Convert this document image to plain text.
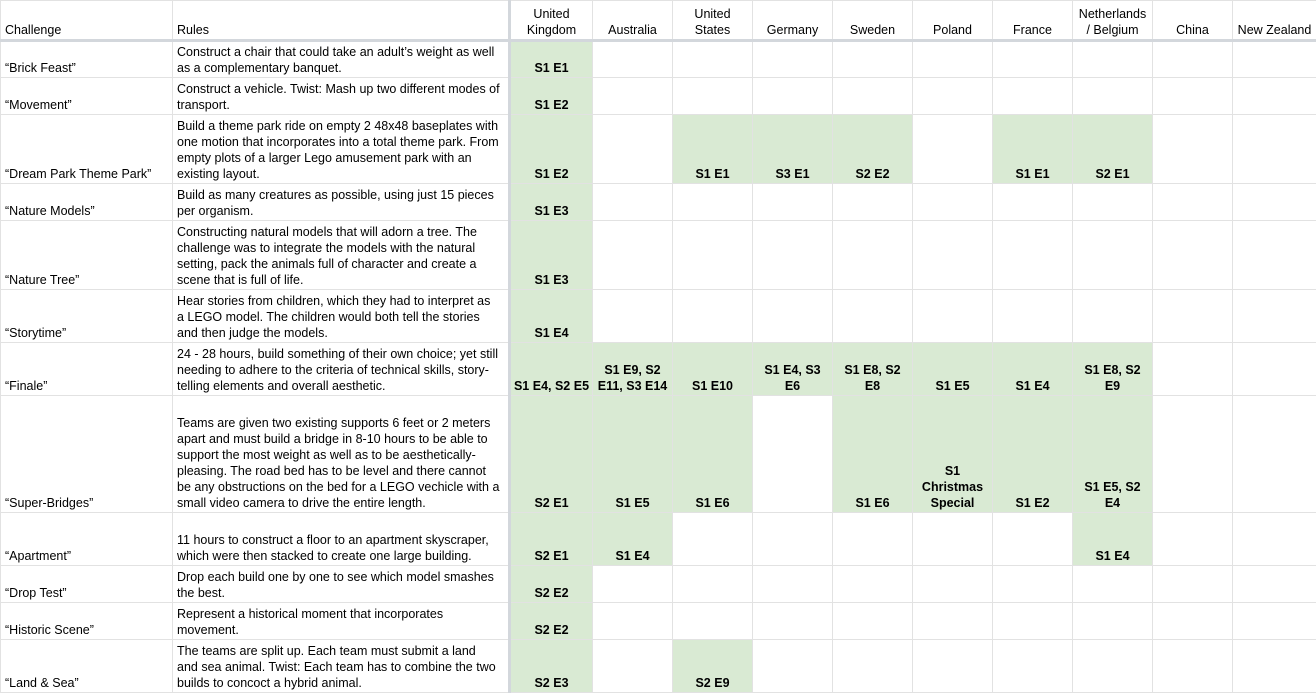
Challenge	Rules	United Kingdom	Australia	United States	Germany	Sweden	Poland	France	Netherlands / Belgium	China	New Zealand
“Brick Feast”	Construct a chair that could take an adult’s weight as well as a complementary banquet.	S1 E1									
“Movement”	Construct a vehicle. Twist: Mash up two different modes of transport.	S1 E2									
“Dream Park Theme Park”	Build a theme park ride on empty 2 48x48 baseplates with one motion that incorporates into a total theme park. From empty plots of a larger Lego amusement park with an existing layout.	S1 E2		S1 E1	S3 E1	S2 E2		S1 E1	S2 E1		
“Nature Models”	Build as many creatures as possible, using just 15 pieces per organism.	S1 E3									
“Nature Tree”	Constructing natural models that will adorn a tree. The challenge was to integrate the models with the natural setting, pack the animals full of character and create a scene that is full of life.	S1 E3									
“Storytime”	Hear stories from children, which they had to interpret as a LEGO model. The children would both tell the stories and then judge the models.	S1 E4									
“Finale”	24 - 28 hours, build something of their own choice; yet still needing to adhere to the criteria of technical skills, story-telling elements and overall aesthetic.	S1 E4, S2 E5	S1 E9, S2 E11, S3 E14	S1 E10	S1 E4, S3 E6	S1 E8, S2 E8	S1 E5	S1 E4	S1 E8, S2 E9		
“Super-Bridges”	Teams are given two existing supports 6 feet or 2 meters apart and must build a bridge in 8-10 hours to be able to support the most weight as well as to be aesthetically-pleasing. The road bed has to be level and there cannot be any obstructions on the bed for a LEGO vechicle with a small video camera to drive the entire length.	S2 E1	S1 E5	S1 E6		S1 E6	S1 Christmas Special	S1 E2	S1 E5, S2 E4		
“Apartment”	11 hours to construct a floor to an apartment skyscraper, which were then stacked to create one large building.	S2 E1	S1 E4						S1 E4		
“Drop Test”	Drop each build one by one to see which model smashes the best.	S2 E2									
“Historic Scene”	Represent a historical moment that incorporates movement.	S2 E2									
“Land & Sea”	The teams are split up. Each team must submit a land and sea animal. Twist: Each team has to combine the two builds to concoct a hybrid animal.	S2 E3		S2 E9							
